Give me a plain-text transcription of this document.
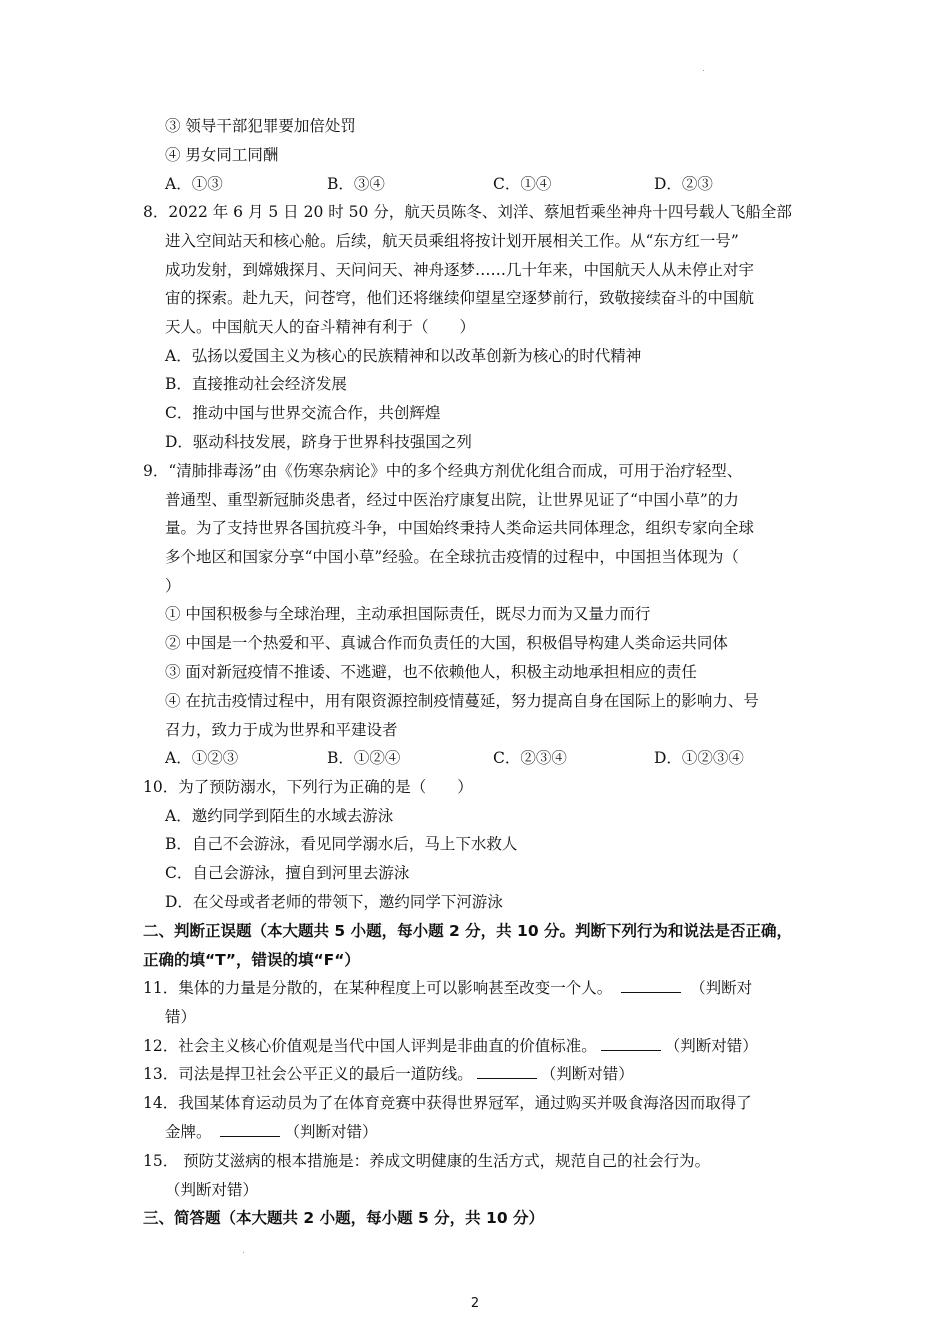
③ 领导干部犯罪要加倍处罚
④ 男女同工同酬
A．①③	B．③④	C．①④	D．②③
8．2022 年 6 月 5 日 20 时 50 分，航天员陈冬、刘洋、蔡旭哲乘坐神舟十四号载人飞船全部
进入空间站天和核心舱。后续，航天员乘组将按计划开展相关工作。从“东方红一号”
成功发射，到嫦娥探月、天问问天、神舟逐梦……几十年来，中国航天人从未停止对宇
宙的探索。赴九天，问苍穹，他们还将继续仰望星空逐梦前行，致敬接续奋斗的中国航
天人。中国航天人的奋斗精神有利于（　　）
A．弘扬以爱国主义为核心的民族精神和以改革创新为核心的时代精神
B．直接推动社会经济发展
C．推动中国与世界交流合作，共创辉煌
D．驱动科技发展，跻身于世界科技强国之列
9．“清肺排毒汤”由《伤寒杂病论》中的多个经典方剂优化组合而成，可用于治疗轻型、
普通型、重型新冠肺炎患者，经过中医治疗康复出院，让世界见证了“中国小草”的力
量。为了支持世界各国抗疫斗争，中国始终秉持人类命运共同体理念，组织专家向全球
多个地区和国家分享“中国小草”经验。在全球抗击疫情的过程中，中国担当体现为（
）
① 中国积极参与全球治理，主动承担国际责任，既尽力而为又量力而行
② 中国是一个热爱和平、真诚合作而负责任的大国，积极倡导构建人类命运共同体
③ 面对新冠疫情不推诿、不逃避，也不依赖他人，积极主动地承担相应的责任
④ 在抗击疫情过程中，用有限资源控制疫情蔓延，努力提高自身在国际上的影响力、号
召力，致力于成为世界和平建设者
A．①②③	B．①②④	C．②③④	D．①②③④
10．为了预防溺水，下列行为正确的是（　　）
A．邀约同学到陌生的水域去游泳
B．自己不会游泳，看见同学溺水后，马上下水救人
C．自己会游泳，擅自到河里去游泳
D．在父母或者老师的带领下，邀约同学下河游泳
二、判断正误题（本大题共 5 小题，每小题 2 分，共 10 分。判断下列行为和说法是否正确，
正确的填“T”，错误的填“F“）
11．集体的力量是分散的，在某种程度上可以影响甚至改变一个人。	（判断对
错）
12．社会主义核心价值观是当代中国人评判是非曲直的价值标准。	（判断对错）
13．司法是捍卫社会公平正义的最后一道防线。	（判断对错）
14．我国某体育运动员为了在体育竞赛中获得世界冠军，通过购买并吸食海洛因而取得了
金牌。	（判断对错）
15． 预防艾滋病的根本措施是：养成文明健康的生活方式，规范自己的社会行为。
（判断对错）
三、简答题（本大题共 2 小题，每小题 5 分，共 10 分）
2
